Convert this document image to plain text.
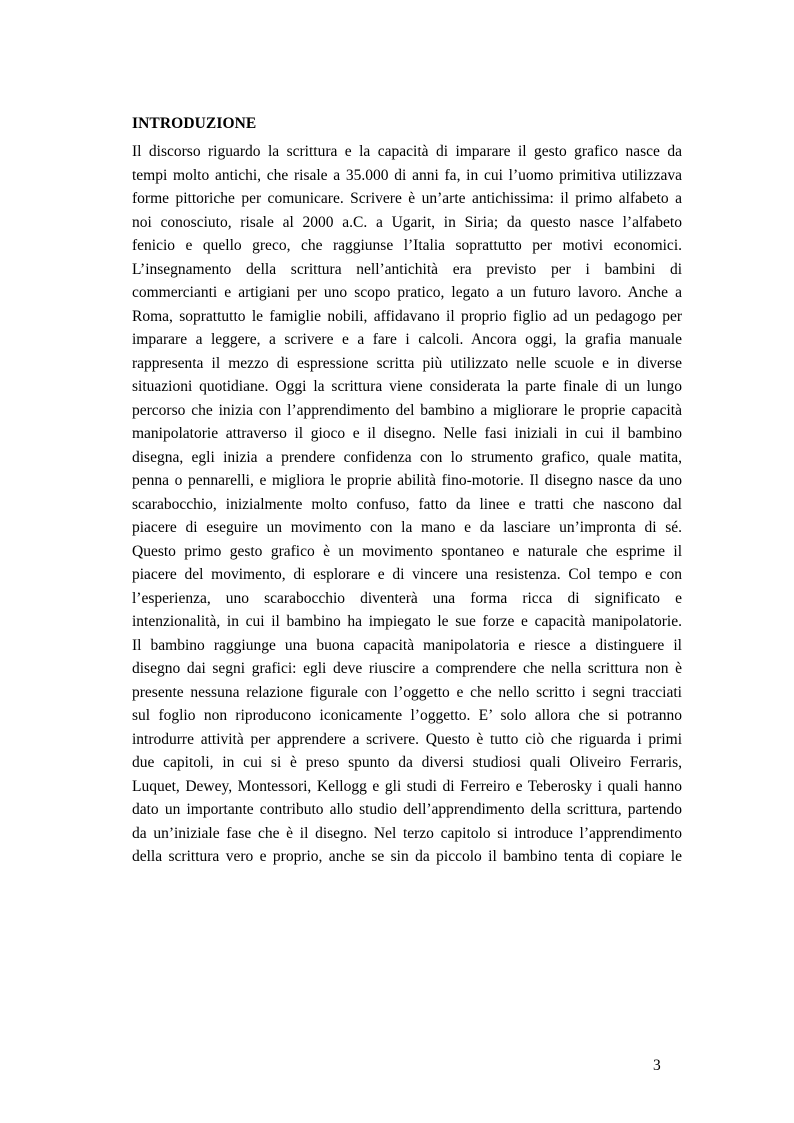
INTRODUZIONE
Il discorso riguardo la scrittura e la capacità di imparare il gesto grafico nasce da
tempi molto antichi, che risale a 35.000 di anni fa, in cui l’uomo primitiva utilizzava
forme pittoriche per comunicare. Scrivere è un’arte antichissima: il primo alfabeto a
noi conosciuto, risale al 2000 a.C. a Ugarit, in Siria; da questo nasce l’alfabeto
fenicio e quello greco, che raggiunse l’Italia soprattutto per motivi economici.
L’insegnamento della scrittura nell’antichità era previsto per i bambini di
commercianti e artigiani per uno scopo pratico, legato a un futuro lavoro. Anche a
Roma, soprattutto le famiglie nobili, affidavano il proprio figlio ad un pedagogo per
imparare a leggere, a scrivere e a fare i calcoli. Ancora oggi, la grafia manuale
rappresenta il mezzo di espressione scritta più utilizzato nelle scuole e in diverse
situazioni quotidiane. Oggi la scrittura viene considerata la parte finale di un lungo
percorso che inizia con l’apprendimento del bambino a migliorare le proprie capacità
manipolatorie attraverso il gioco e il disegno. Nelle fasi iniziali in cui il bambino
disegna, egli inizia a prendere confidenza con lo strumento grafico, quale matita,
penna o pennarelli, e migliora le proprie abilità fino-motorie. Il disegno nasce da uno
scarabocchio, inizialmente molto confuso, fatto da linee e tratti che nascono dal
piacere di eseguire un movimento con la mano e da lasciare un’impronta di sé.
Questo primo gesto grafico è un movimento spontaneo e naturale che esprime il
piacere del movimento, di esplorare e di vincere una resistenza. Col tempo e con
l’esperienza, uno scarabocchio diventerà una forma ricca di significato e
intenzionalità, in cui il bambino ha impiegato le sue forze e capacità manipolatorie.
Il bambino raggiunge una buona capacità manipolatoria e riesce a distinguere il
disegno dai segni grafici: egli deve riuscire a comprendere che nella scrittura non è
presente nessuna relazione figurale con l’oggetto e che nello scritto i segni tracciati
sul foglio non riproducono iconicamente l’oggetto. E’ solo allora che si potranno
introdurre attività per apprendere a scrivere. Questo è tutto ciò che riguarda i primi
due capitoli, in cui si è preso spunto da diversi studiosi quali Oliveiro Ferraris,
Luquet, Dewey, Montessori, Kellogg e gli studi di Ferreiro e Teberosky i quali hanno
dato un importante contributo allo studio dell’apprendimento della scrittura, partendo
da un’iniziale fase che è il disegno. Nel terzo capitolo si introduce l’apprendimento
della scrittura vero e proprio, anche se sin da piccolo il bambino tenta di copiare le
3
